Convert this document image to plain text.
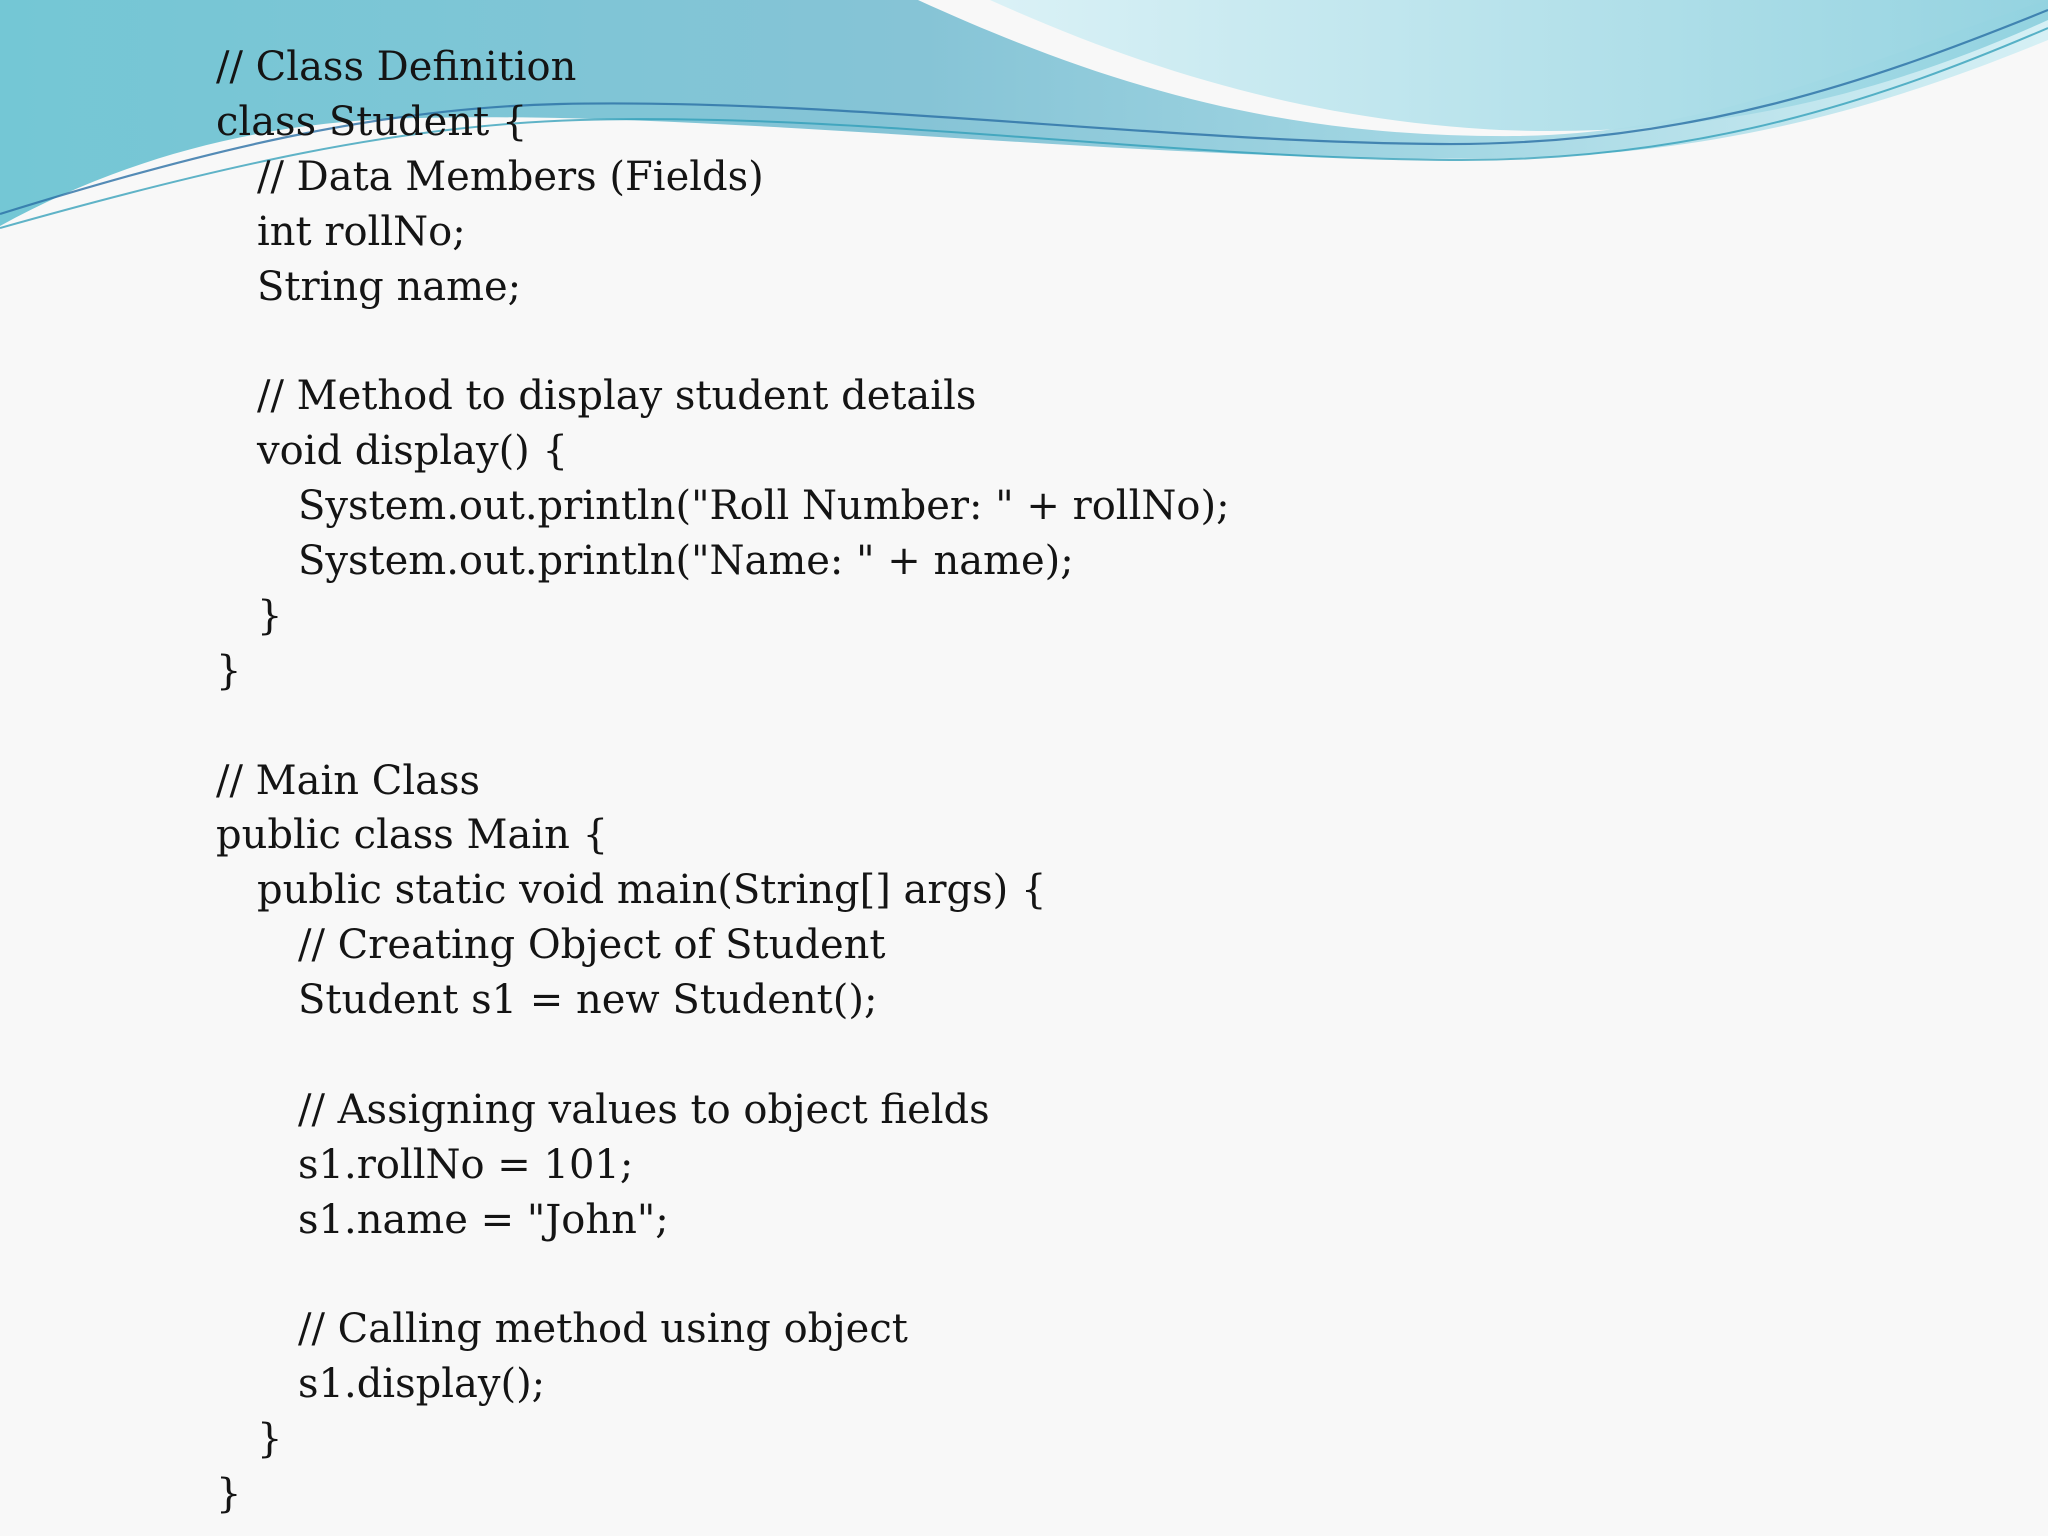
// Class Definition
class Student {
// Data Members (Fields)
int rollNo;
String name;
// Method to display student details
void display() {
System.out.println("Roll Number: " + rollNo);
System.out.println("Name: " + name);
}
}
// Main Class
public class Main {
public static void main(String[] args) {
// Creating Object of Student
Student s1 = new Student();
// Assigning values to object fields
s1.rollNo = 101;
s1.name = "John";
// Calling method using object
s1.display();
}
}
